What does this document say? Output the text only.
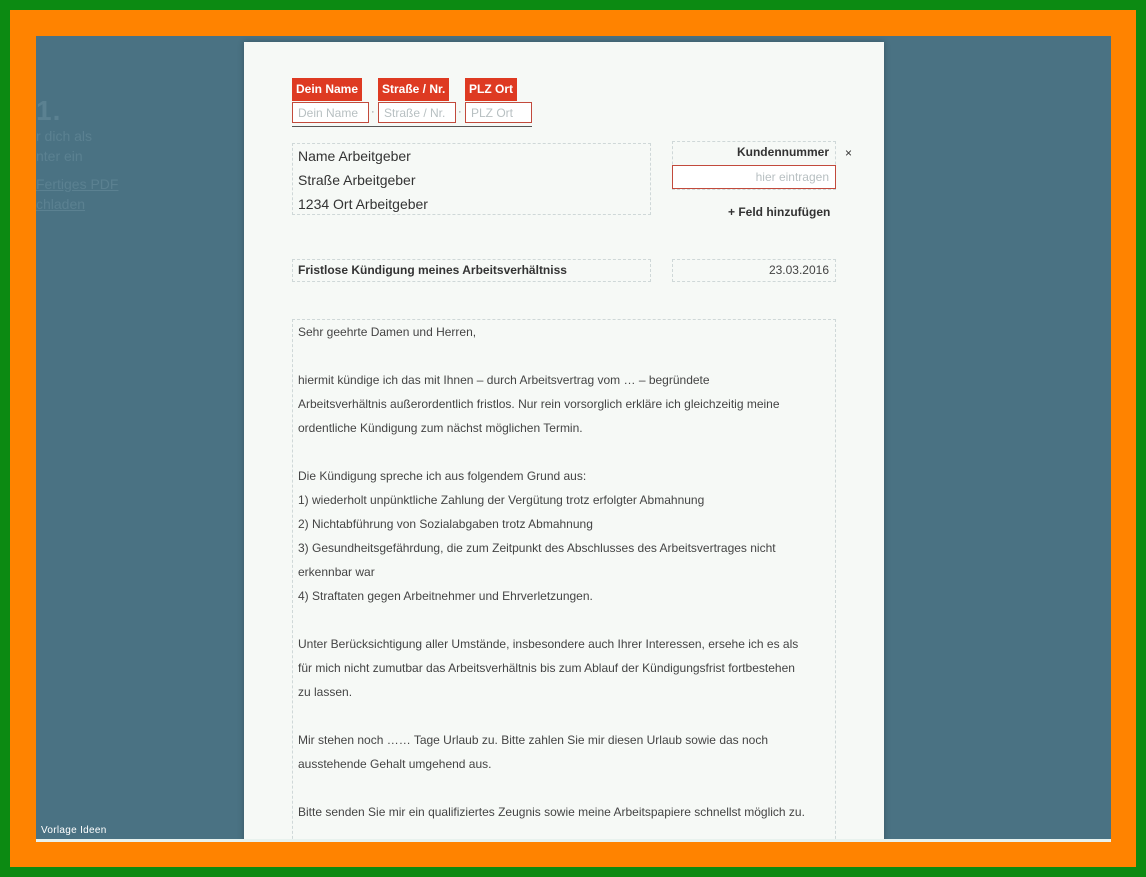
1.
r dich als
nter ein
Fertiges PDF
chladen
Vorlage Ideen
Dein Name	Straße / Nr.	PLZ Ort
Dein Name	· Straße / Nr.	· PLZ Ort
Name Arbeitgeber
Straße Arbeitgeber
1234 Ort Arbeitgeber
Kundennummer
hier eintragen
×
+ Feld hinzufügen
Fristlose Kündigung meines Arbeitsverhältniss	23.03.2016
Sehr geehrte Damen und Herren,
hiermit kündige ich das mit Ihnen – durch Arbeitsvertrag vom … – begründete
Arbeitsverhältnis außerordentlich fristlos. Nur rein vorsorglich erkläre ich gleichzeitig meine
ordentliche Kündigung zum nächst möglichen Termin.
Die Kündigung spreche ich aus folgendem Grund aus:
1) wiederholt unpünktliche Zahlung der Vergütung trotz erfolgter Abmahnung
2) Nichtabführung von Sozialabgaben trotz Abmahnung
3) Gesundheitsgefährdung, die zum Zeitpunkt des Abschlusses des Arbeitsvertrages nicht
erkennbar war
4) Straftaten gegen Arbeitnehmer und Ehrverletzungen.
Unter Berücksichtigung aller Umstände, insbesondere auch Ihrer Interessen, ersehe ich es als
für mich nicht zumutbar das Arbeitsverhältnis bis zum Ablauf der Kündigungsfrist fortbestehen
zu lassen.
Mir stehen noch …… Tage Urlaub zu. Bitte zahlen Sie mir diesen Urlaub sowie das noch
ausstehende Gehalt umgehend aus.
Bitte senden Sie mir ein qualifiziertes Zeugnis sowie meine Arbeitspapiere schnellst möglich zu.
